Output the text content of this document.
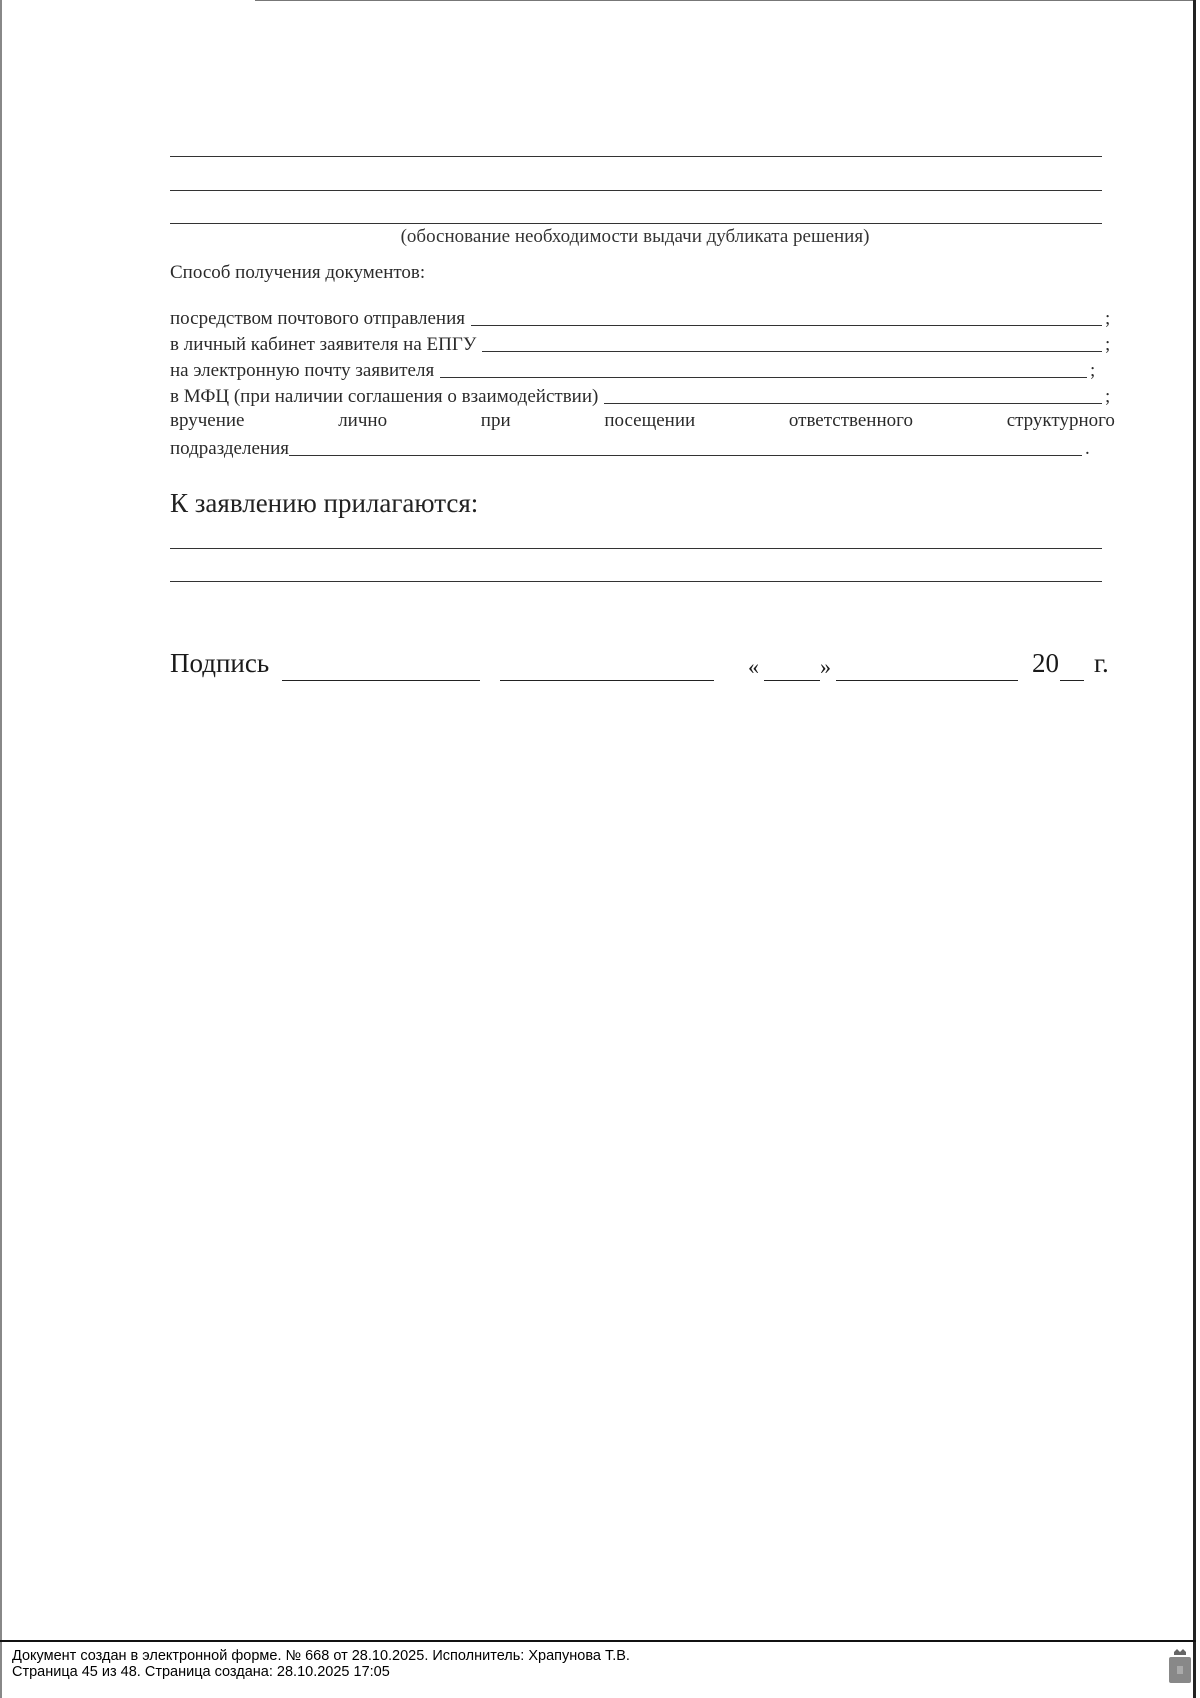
(обоснование необходимости выдачи дубликата решения)
Способ получения документов:
посредством почтового отправления	;
в личный кабинет заявителя на ЕПГУ	;
на электронную почту заявителя	;
в МФЦ (при наличии соглашения о взаимодействии)	;
вручение	лично	при	посещении	ответственного	структурного
подразделения	.
К заявлению прилагаются:
Подпись	«	»	20 г.
Документ создан в электронной форме. № 668 от 28.10.2025. Исполнитель: Храпунова Т.В.
Страница 45 из 48. Страница создана: 28.10.2025 17:05
